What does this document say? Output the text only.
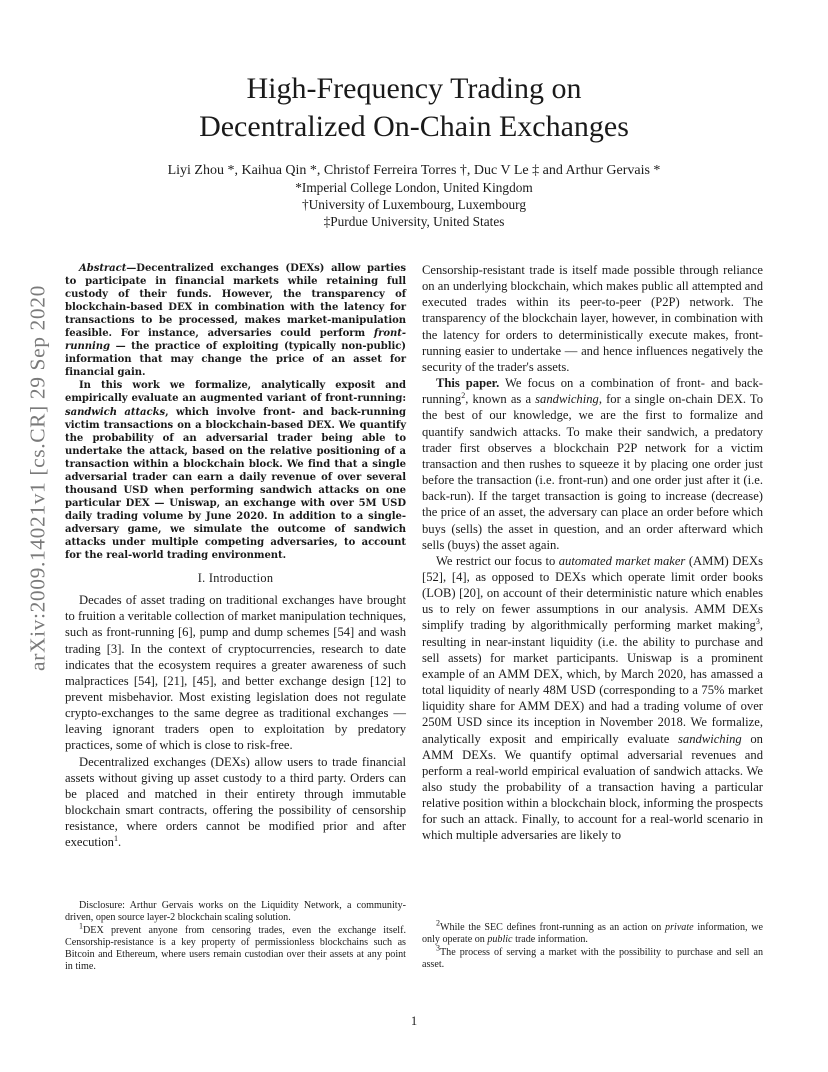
arXiv:2009.14021v1 [cs.CR] 29 Sep 2020
High-Frequency Trading on
Decentralized On-Chain Exchanges
Liyi Zhou *, Kaihua Qin *, Christof Ferreira Torres †, Duc V Le ‡ and Arthur Gervais *
*Imperial College London, United Kingdom
†University of Luxembourg, Luxembourg
‡Purdue University, United States

Abstract—Decentralized exchanges (DEXs) allow parties to participate in financial markets while retaining full custody of their funds. However, the transparency of blockchain-based DEX in combination with the latency for transactions to be processed, makes market-manipulation feasible. For instance, adversaries could perform front-running — the practice of exploiting (typically non-public) information that may change the price of an asset for financial gain.

In this work we formalize, analytically exposit and empirically evaluate an augmented variant of front-running: sandwich attacks, which involve front- and back-running victim transactions on a blockchain-based DEX. We quantify the probability of an adversarial trader being able to undertake the attack, based on the relative positioning of a transaction within a blockchain block. We find that a single adversarial trader can earn a daily revenue of over several thousand USD when performing sandwich attacks on one particular DEX — Uniswap, an exchange with over 5M USD daily trading volume by June 2020. In addition to a single-adversary game, we simulate the outcome of sandwich attacks under multiple competing adversaries, to account for the real-world trading environment.

I. Introduction

Decades of asset trading on traditional exchanges have brought to fruition a veritable collection of market manipulation techniques, such as front-running [6], pump and dump schemes [54] and wash trading [3]. In the context of cryptocurrencies, research to date indicates that the ecosystem requires a greater awareness of such malpractices [54], [21], [45], and better exchange design [12] to prevent misbehavior. Most existing legislation does not regulate crypto-exchanges to the same degree as traditional exchanges — leaving ignorant traders open to exploitation by predatory practices, some of which is close to risk-free.

Decentralized exchanges (DEXs) allow users to trade financial assets without giving up asset custody to a third party. Orders can be placed and matched in their entirety through immutable blockchain smart contracts, offering the possibility of censorship resistance, where orders cannot be modified prior and after execution$^1$.

Disclosure: Arthur Gervais works on the Liquidity Network, a community-driven, open source layer-2 blockchain scaling solution.

$^1$DEX prevent anyone from censoring trades, even the exchange itself. Censorship-resistance is a key property of permissionless blockchains such as Bitcoin and Ethereum, where users remain custodian over their assets at any point in time.

Censorship-resistant trade is itself made possible through reliance on an underlying blockchain, which makes public all attempted and executed trades within its peer-to-peer (P2P) network. The transparency of the blockchain layer, however, in combination with the latency for orders to deterministically execute makes, front-running easier to undertake — and hence influences negatively the security of the trader's assets.

This paper. We focus on a combination of front- and back-running$^2$, known as a sandwiching, for a single on-chain DEX. To the best of our knowledge, we are the first to formalize and quantify sandwich attacks. To make their sandwich, a predatory trader first observes a blockchain P2P network for a victim transaction and then rushes to squeeze it by placing one order just before the transaction (i.e. front-run) and one order just after it (i.e. back-run). If the target transaction is going to increase (decrease) the price of an asset, the adversary can place an order before which buys (sells) the asset in question, and an order afterward which sells (buys) the asset again.

We restrict our focus to automated market maker (AMM) DEXs [52], [4], as opposed to DEXs which operate limit order books (LOB) [20], on account of their deterministic nature which enables us to rely on fewer assumptions in our analysis. AMM DEXs simplify trading by algorithmically performing market making$^3$, resulting in near-instant liquidity (i.e. the ability to purchase and sell assets) for market participants. Uniswap is a prominent example of an AMM DEX, which, by March 2020, has amassed a total liquidity of nearly 48M USD (corresponding to a 75% market liquidity share for AMM DEX) and had a trading volume of over 250M USD since its inception in November 2018. We formalize, analytically exposit and empirically evaluate sandwiching on AMM DEXs. We quantify optimal adversarial revenues and perform a real-world empirical evaluation of sandwich attacks. We also study the probability of a transaction having a particular relative position within a blockchain block, informing the prospects for such an attack. Finally, to account for a real-world scenario in which multiple adversaries are likely to

$^2$While the SEC defines front-running as an action on private information, we only operate on public trade information.

$^3$The process of serving a market with the possibility to purchase and sell an asset.

1
